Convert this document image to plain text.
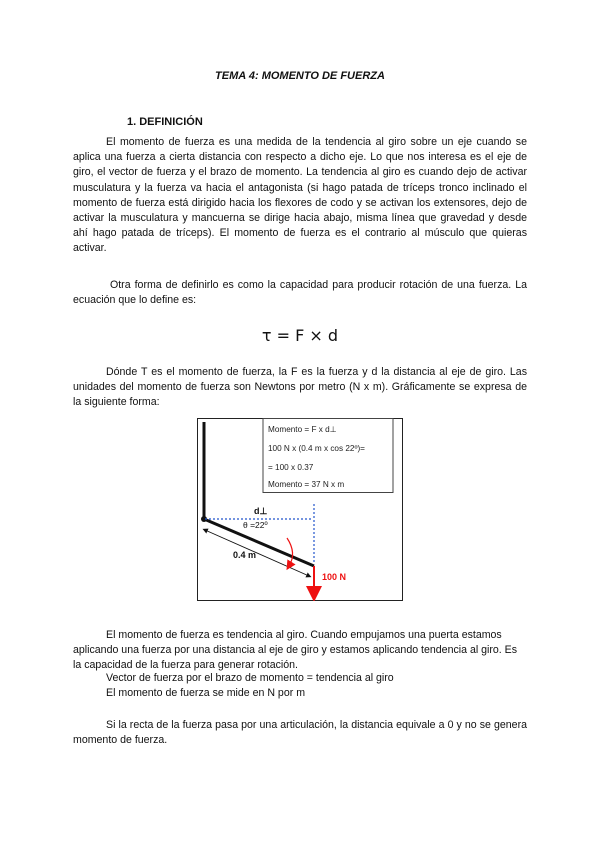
TEMA 4: MOMENTO DE FUERZA
1. DEFINICIÓN

El momento de fuerza es una medida de la tendencia al giro sobre un eje cuando se aplica una fuerza a cierta distancia con respecto a dicho eje. Lo que nos interesa es el eje de giro, el vector de fuerza y el brazo de momento. La tendencia al giro es cuando dejo de activar musculatura y la fuerza va hacia el antagonista (si hago patada de tríceps tronco inclinado el momento de fuerza está dirigido hacia los flexores de codo y se activan los extensores, dejo de activar la musculatura y mancuerna se dirige hacia abajo, misma línea que gravedad y desde ahí hago patada de tríceps). El momento de fuerza es el contrario al músculo que quieras activar.

Otra forma de definirlo es como la capacidad para producir rotación de una fuerza. La ecuación que lo define es:

τ = F × d

Dónde T es el momento de fuerza, la F es la fuerza y d la distancia al eje de giro. Las unidades del momento de fuerza son Newtons por metro (N x m). Gráficamente se expresa de la siguiente forma:

Momento = F x d⊥
100 N x (0.4 m x cos 22º)=
= 100 x 0.37
Momento = 37 N x m
d⊥
θ =22º
0.4 m
100 N

El momento de fuerza es tendencia al giro. Cuando empujamos una puerta estamos aplicando una fuerza por una distancia al eje de giro y estamos aplicando tendencia al giro. Es la capacidad de la fuerza para generar rotación.

Vector de fuerza por el brazo de momento = tendencia al giro
El momento de fuerza se mide en N por m

Si la recta de la fuerza pasa por una articulación, la distancia equivale a 0 y no se genera momento de fuerza.
